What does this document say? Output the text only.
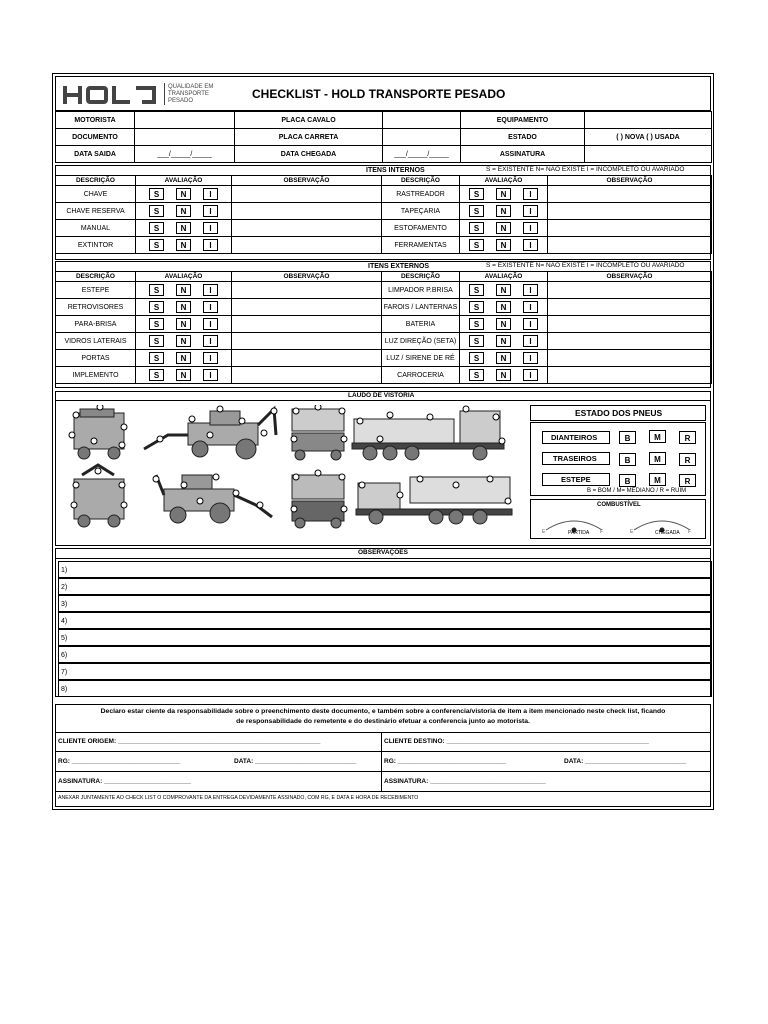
QUALIDADE EM
TRANSPORTE
PESADO	CHECKLIST - HOLD TRANSPORTE PESADO
MOTORISTA		PLACA CAVALO		EQUIPAMENTO	
DOCUMENTO		PLACA CARRETA		ESTADO	( ) NOVA ( ) USADA
DATA SAIDA	___/_____/_____	DATA CHEGADA	___/_____/_____	ASSINATURA	
ITENS INTERNOS	S = EXISTENTE N= NÃO EXISTE I = INCOMPLETO OU AVARIADO
DESCRIÇÃO	AVALIAÇÃO	OBSERVAÇÃO	DESCRIÇÃO	AVALIAÇÃO	OBSERVAÇÃO
CHAVE	S N I		RASTREADOR	S N I	
CHAVE RESERVA	S N I		TAPEÇARIA	S N I	
MANUAL	S N I		ESTOFAMENTO	S N I	
EXTINTOR	S N I		FERRAMENTAS	S N I	
ITENS EXTERNOS	S = EXISTENTE N= NÃO EXISTE I = INCOMPLETO OU AVARIADO
DESCRIÇÃO	AVALIAÇÃO	OBSERVAÇÃO	DESCRIÇÃO	AVALIAÇÃO	OBSERVAÇÃO
ESTEPE	S N I		LIMPADOR P.BRISA	S N I	
RETROVISORES	S N I		FAROIS / LANTERNAS	S N I	
PARA-BRISA	S N I		BATERIA	S N I	
VIDROS LATERAIS	S N I		LUZ DIREÇÃO (SETA)	S N I	
PORTAS	S N I		LUZ / SIRENE DE RÉ	S N I	
IMPLEMENTO	S N I		CARROCERIA	S N I	
LAUDO DE VISTORIA
ESTADO DOS PNEUS
DIANTEIROS	B	M	R
TRASEIROS	B	M	R
ESTEPE	B	M	R
B = BOM / M= MEDIANO / R = RUIM
COMBUSTÍVEL
E	F	E	F
PARTIDA	CHEGADA
OBSERVAÇÕES
1)
2)
3)
4)
5)
6)
7)
8)
Declaro estar ciente da responsabilidade sobre o preenchimento deste documento, e também sobre a conferencia/vistoria de item a item mencionado neste check list, ficando
de responsabilidade do remetente e do destinário efetuar a conferencia junto ao motorista.
CLIENTE ORIGEM: ________________________________________________________	CLIENTE DESTINO: ________________________________________________________
RG: ______________________________	DATA: ____________________________	RG: ______________________________	DATA: ____________________________
ASSINATURA: ________________________	ASSINATURA: ________________________________
ANEXAR JUNTAMENTE AO CHECK LIST O COMPROVANTE DA ENTREGA DEVIDAMENTE ASSINADO, COM RG, E DATA E HORA DE RECEBIMENTO
